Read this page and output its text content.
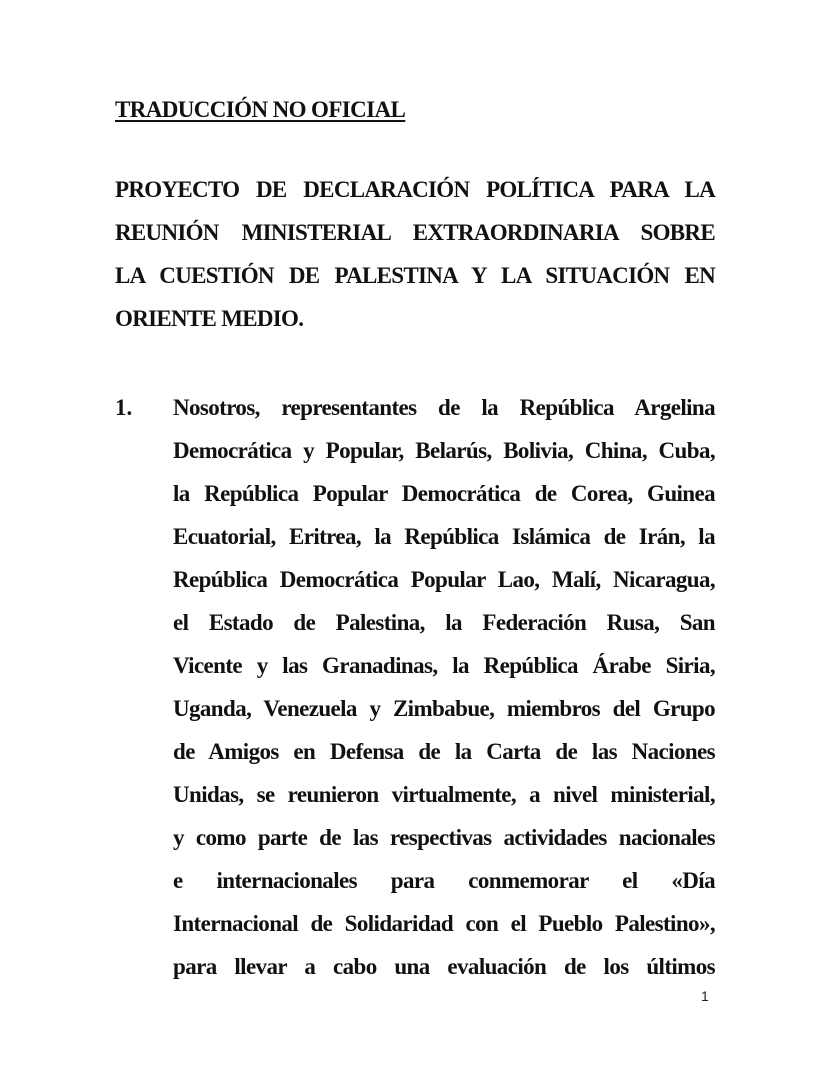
TRADUCCIÓN NO OFICIAL
PROYECTO DE DECLARACIÓN POLÍTICA PARA LA
REUNIÓN MINISTERIAL EXTRAORDINARIA SOBRE
LA CUESTIÓN DE PALESTINA Y LA SITUACIÓN EN
ORIENTE MEDIO.
1. Nosotros, representantes de la República Argelina
Democrática y Popular, Belarús, Bolivia, China, Cuba,
la República Popular Democrática de Corea, Guinea
Ecuatorial, Eritrea, la República Islámica de Irán, la
República Democrática Popular Lao, Malí, Nicaragua,
el Estado de Palestina, la Federación Rusa, San
Vicente y las Granadinas, la República Árabe Siria,
Uganda, Venezuela y Zimbabue, miembros del Grupo
de Amigos en Defensa de la Carta de las Naciones
Unidas, se reunieron virtualmente, a nivel ministerial,
y como parte de las respectivas actividades nacionales
e internacionales para conmemorar el «Día
Internacional de Solidaridad con el Pueblo Palestino»,
para llevar a cabo una evaluación de los últimos
1
